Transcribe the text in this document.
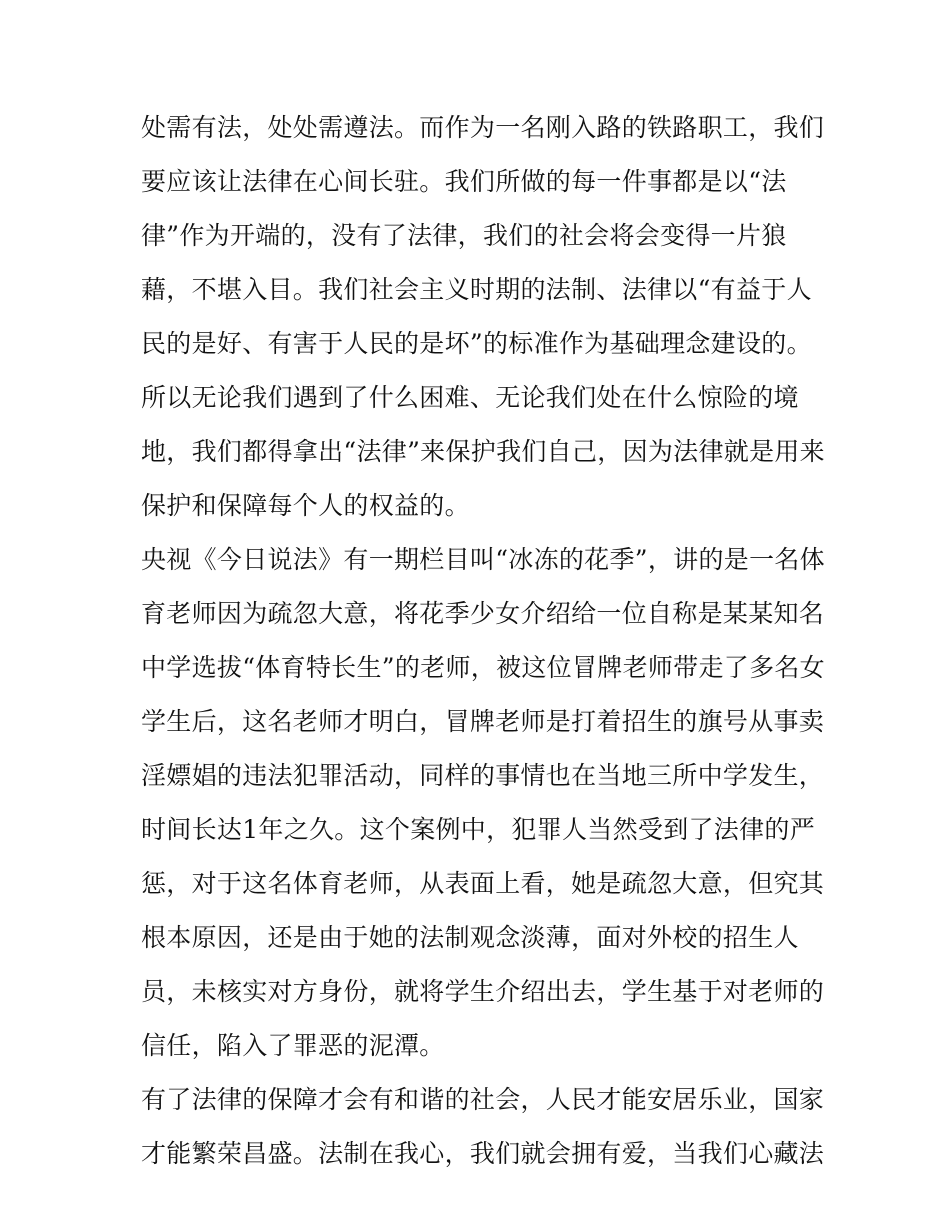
处需有法，处处需遵法。而作为一名刚入路的铁路职工，我们
要应该让法律在心间长驻。我们所做的每一件事都是以“法
律”作为开端的，没有了法律，我们的社会将会变得一片狼
藉，不堪入目。我们社会主义时期的法制、法律以“有益于人
民的是好、有害于人民的是坏”的标准作为基础理念建设的。
所以无论我们遇到了什么困难、无论我们处在什么惊险的境
地，我们都得拿出“法律”来保护我们自己，因为法律就是用来
保护和保障每个人的权益的。
央视《今日说法》有一期栏目叫“冰冻的花季”，讲的是一名体
育老师因为疏忽大意，将花季少女介绍给一位自称是某某知名
中学选拔“体育特长生”的老师，被这位冒牌老师带走了多名女
学生后，这名老师才明白，冒牌老师是打着招生的旗号从事卖
淫嫖娼的违法犯罪活动，同样的事情也在当地三所中学发生，
时间长达1年之久。这个案例中，犯罪人当然受到了法律的严
惩，对于这名体育老师，从表面上看，她是疏忽大意，但究其
根本原因，还是由于她的法制观念淡薄，面对外校的招生人
员，未核实对方身份，就将学生介绍出去，学生基于对老师的
信任，陷入了罪恶的泥潭。
有了法律的保障才会有和谐的社会，人民才能安居乐业，国家
才能繁荣昌盛。法制在我心，我们就会拥有爱，当我们心藏法
